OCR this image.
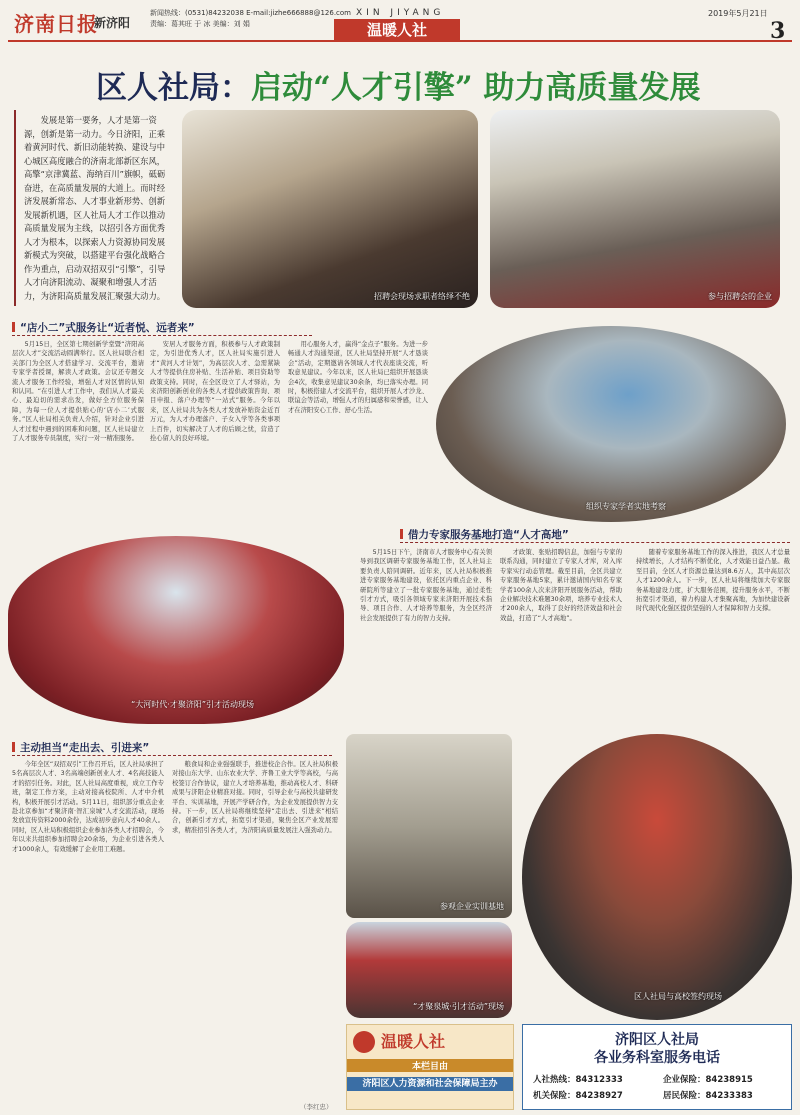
济南日报
新济阳
新闻热线：(0531)84232038 E-mail:jizhe666888@126.com
责编：葛其旺 于 冰 美编：刘 娟
XIN JIYANG
温暖人社
2019年5月21日
3
区人社局：启动“人才引擎” 助力高质量发展

发展是第一要务，人才是第一资源，创新是第一动力。今日济阳，正乘着黄河时代、新旧动能转换、建设与中心城区高度融合的济南北部新区东风，高擎“京津冀蓝、海纳百川”旗帜，砥砺奋进，在高质量发展的大道上。而时经济发展新常态、人才事业新形势、创新发展新机遇，区人社局人才工作以推动高质量发展为主线，以招引各方面优秀人才为根本，以探索人力资源协同发展新模式为突破，以搭建平台强化战略合作为重点，启动双招双引“引擎”，引导人才向济阳流动、凝聚和增强人才活力，为济阳高质量发展汇聚强大动力。	招聘会现场求职者络绎不绝	参与招聘会的企业
组织专家学者实地考察
“大河时代·才聚济阳”引才活动现场
参观企业实训基地
区人社局与高校签约现场
“才聚泉城·引才活动”现场
“店小二”式服务让“近者悦、远者来”
借力专家服务基地打造“人才高地”
主动担当“走出去、引进来”
5月15日，全区第七期创新学堂暨“济阳高层次人才”交流活动圆满举行。区人社局联合相关部门为全区人才搭建学习、交流平台，邀请专家学者授课，解读人才政策。会议还专题交流人才服务工作经验，增强人才对区情的认知和认同。“在引进人才工作中，我们从人才最关心、最迫切的需求出发，做好全方位服务保障，为每一位人才提供贴心的‘店小二’式服务。”区人社局相关负责人介绍，针对企业引进人才过程中遇到的困难和问题，区人社局建立了人才服务专员制度，实行一对一精准服务。
安居人才服务方面，积极参与人才政策制定，为引进优秀人才，区人社局实施引进人才“黄河人才计划”，为高层次人才、急需紧缺人才等提供住房补贴、生活补贴、项目资助等政策支持。同时，在全区设立了人才驿站，为来济阳创新创业的各类人才提供政策咨询、项目申报、落户办理等“一站式”服务。今年以来，区人社局共为各类人才发放补贴资金近百万元，为人才办理落户、子女入学等各类事项上百件，切实解决了人才的后顾之忧，营造了拴心留人的良好环境。
用心服务人才，赢得“金点子”服务。为进一步畅通人才沟通渠道，区人社局坚持开展“人才恳谈会”活动，定期邀请各领域人才代表座谈交流，听取意见建议。今年以来，区人社局已组织开展恳谈会4次，收集意见建议30余条，均已落实办理。同时，积极搭建人才交流平台，组织开展人才沙龙、联谊会等活动，增强人才的归属感和荣誉感，让人才在济阳安心工作、舒心生活。
5月15日下午，济南市人才服务中心有关领导到我区调研专家服务基地工作，区人社局主要负责人陪同调研。近年来，区人社局积极推进专家服务基地建设，依托区内重点企业、科研院所等建立了一批专家服务基地，通过柔性引才方式，吸引各领域专家来济阳开展技术指导、项目合作、人才培养等服务，为全区经济社会发展提供了有力的智力支持。
才政策、张贴招聘信息，加强与专家的联系沟通，同时建立了专家人才库，对入库专家实行动态管理。截至目前，全区共建立专家服务基地5家，累计邀请国内知名专家学者100余人次来济阳开展服务活动，帮助企业解决技术难题30余项，培养专业技术人才200余人，取得了良好的经济效益和社会效益，打造了“人才高地”。
随着专家服务基地工作的深入推进，我区人才总量持续增长，人才结构不断优化，人才效能日益凸显。截至目前，全区人才资源总量达到8.6万人，其中高层次人才1200余人。下一步，区人社局将继续加大专家服务基地建设力度，扩大服务范围，提升服务水平，不断拓宽引才渠道，着力构建人才集聚高地，为加快建设新时代现代化强区提供坚强的人才保障和智力支撑。
今年全区“双招双引”工作召开后，区人社局承担了5名高层次人才、3名高端创新创业人才、4名高技能人才的招引任务。对此，区人社局高度重视，成立工作专班，制定工作方案，主动对接高校院所、人才中介机构，积极开展引才活动。5月11日，组织部分重点企业赴北京参加“才聚济南·智汇泉城”人才交流活动，现场发放宣传资料2000余份，达成初步意向人才40余人。同时，区人社局积极组织企业参加各类人才招聘会，今年以来共组织参加招聘会20余场，为企业引进各类人才1000余人，有效缓解了企业用工难题。
粮食局和企业强强联手，推进校企合作。区人社局积极对接山东大学、山东农业大学、齐鲁工业大学等高校，与高校签订合作协议，建立人才培养基地，推动高校人才、科研成果与济阳企业精准对接。同时，引导企业与高校共建研发平台、实训基地，开展产学研合作，为企业发展提供智力支持。下一步，区人社局将继续坚持“走出去、引进来”相结合，创新引才方式，拓宽引才渠道，聚焦全区产业发展需求，精准招引各类人才，为济阳高质量发展注入强劲动力。
温暖人社
本栏目由
济阳区人力资源和社会保障局主办
济阳区人社局
各业务科室服务电话
人社热线：84312333	企业保险：84238915
机关保险：84238927	居民保险：84233383
（李红忠）
